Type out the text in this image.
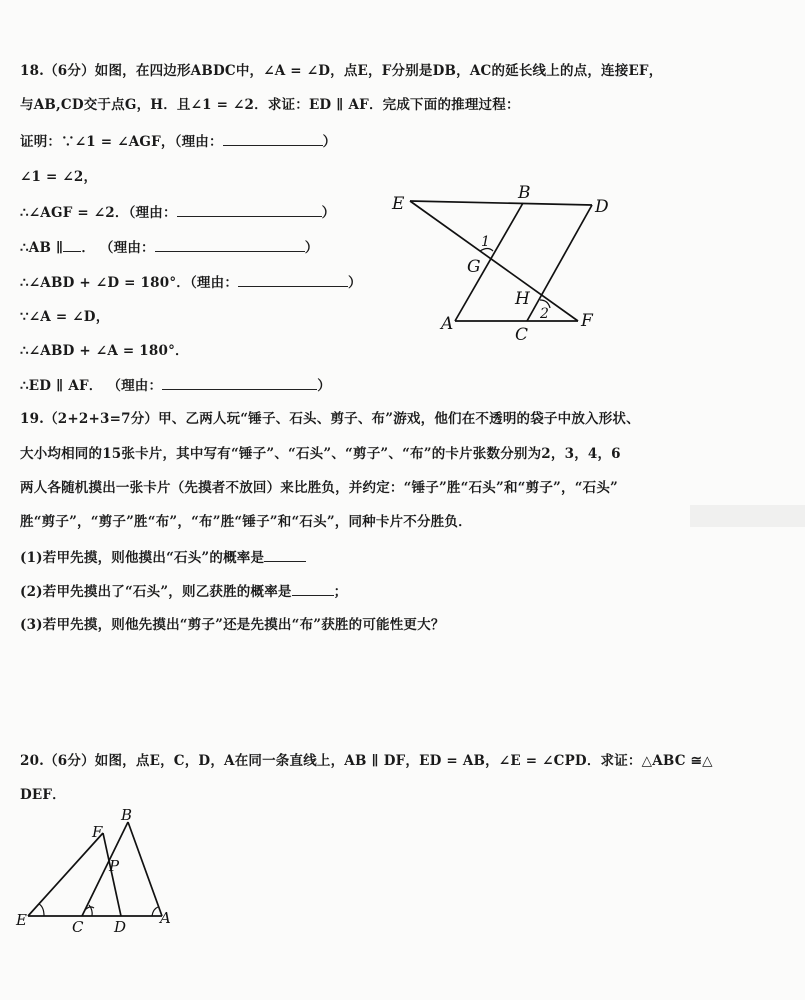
18.（6分）如图，在四边形ABDC中，∠A = ∠D，点E，F分别是DB，AC的延长线上的点，连接EF，
与AB,CD交于点G，H．且∠1 = ∠2．求证：ED ∥ AF．完成下面的推理过程：
证明：∵∠1 = ∠AGF，（理由：	）
∠1 = ∠2，
∴∠AGF = ∠2．（理由：	）
∴AB ∥ ． （理由：	）
∴∠ABD + ∠D = 180°．（理由：	）
∵∠A = ∠D，
∴∠ABD + ∠A = 180°．
∴ED ∥ AF． （理由：	）
E
B
D
1
G
H
2
A
C
F
19.（2+2+3=7分）甲、乙两人玩“锤子、石头、剪子、布”游戏，他们在不透明的袋子中放入形状、
大小均相同的15张卡片，其中写有“锤子”、“石头”、“剪子”、“布”的卡片张数分别为2，3，4，6
两人各随机摸出一张卡片（先摸者不放回）来比胜负，并约定：“锤子”胜“石头”和“剪子”，“石头”
胜“剪子”，“剪子”胜“布”，“布”胜“锤子”和“石头”，同种卡片不分胜负．
(1)若甲先摸，则他摸出“石头”的概率是
(2)若甲先摸出了“石头”，则乙获胜的概率是	；
(3)若甲先摸，则他先摸出“剪子”还是先摸出“布”获胜的可能性更大？
20.（6分）如图，点E，C，D，A在同一条直线上，AB ∥ DF，ED = AB，∠E = ∠CPD．求证：△ABC ≅△
DEF．
B
F
P
E	C D A
